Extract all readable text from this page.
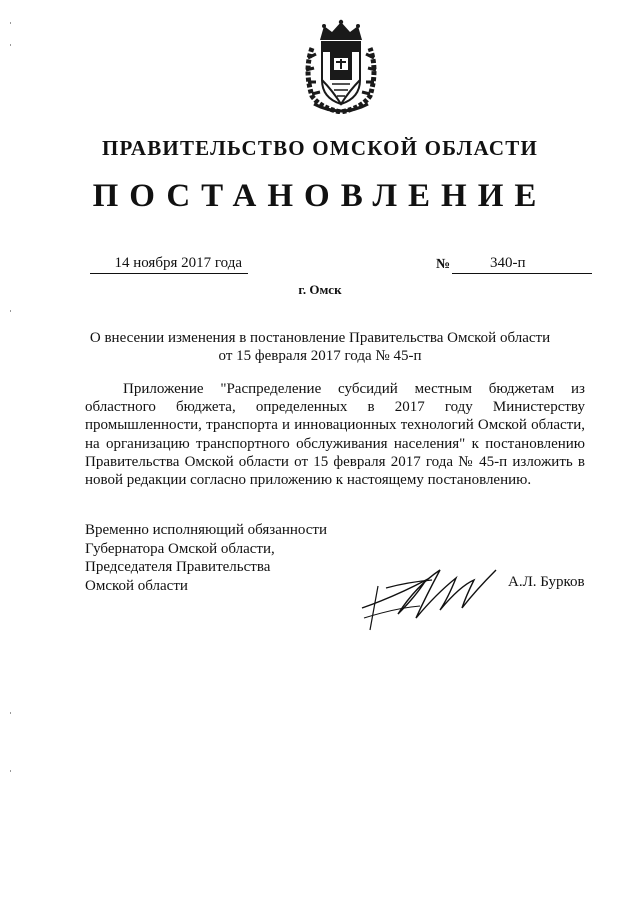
ПРАВИТЕЛЬСТВО ОМСКОЙ ОБЛАСТИ
ПОСТАНОВЛЕНИЕ
14 ноября 2017 года	№	340-п
г. Омск
О внесении изменения в постановление Правительства Омской области
от 15 февраля 2017 года № 45-п

Приложение "Распределение субсидий местным бюджетам из областного бюджета, определенных в 2017 году Министерству промышленности, транспорта и инновационных технологий Омской области, на организацию транспортного обслуживания населения" к постановлению Правительства Омской области от 15 февраля 2017 года № 45-п изложить в новой редакции согласно приложению к настоящему постановлению.

Временно исполняющий обязанности
Губернатора Омской области,
Председателя Правительства
Омской области	А.Л. Бурков
